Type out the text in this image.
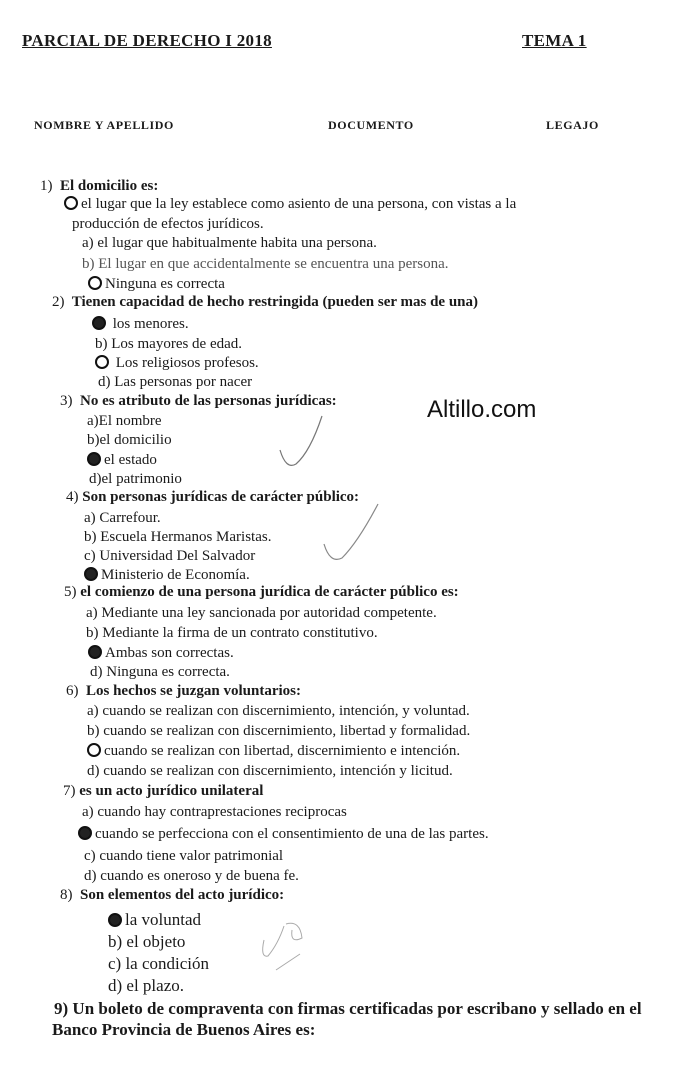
PARCIAL DE DERECHO I 2018	TEMA 1
NOMBRE Y APELLIDO	DOCUMENTO	LEGAJO
1) El domicilio es:
el lugar que la ley establece como asiento de una persona, con vistas a la
producción de efectos jurídicos.
a) el lugar que habitualmente habita una persona.
b) El lugar en que accidentalmente se encuentra una persona.
Ninguna es correcta
2) Tienen capacidad de hecho restringida (pueden ser mas de una)
los menores.
b) Los mayores de edad.
Los religiosos profesos.
d) Las personas por nacer
3) No es atributo de las personas jurídicas:	Altillo.com
a)El nombre
b)el domicilio
el estado
d)el patrimonio
4) Son personas jurídicas de carácter público:
a) Carrefour.
b) Escuela Hermanos Maristas.
c) Universidad Del Salvador
Ministerio de Economía.
5) el comienzo de una persona jurídica de carácter público es:
a) Mediante una ley sancionada por autoridad competente.
b) Mediante la firma de un contrato constitutivo.
Ambas son correctas.
d) Ninguna es correcta.
6) Los hechos se juzgan voluntarios:
a) cuando se realizan con discernimiento, intención, y voluntad.
b) cuando se realizan con discernimiento, libertad y formalidad.
cuando se realizan con libertad, discernimiento e intención.
d) cuando se realizan con discernimiento, intención y licitud.
7) es un acto jurídico unilateral
a) cuando hay contraprestaciones reciprocas
cuando se perfecciona con el consentimiento de una de las partes.
c) cuando tiene valor patrimonial
d) cuando es oneroso y de buena fe.
8) Son elementos del acto jurídico:
la voluntad
b) el objeto
c) la condición
d) el plazo.
9) Un boleto de compraventa con firmas certificadas por escribano y sellado en el
Banco Provincia de Buenos Aires es:
